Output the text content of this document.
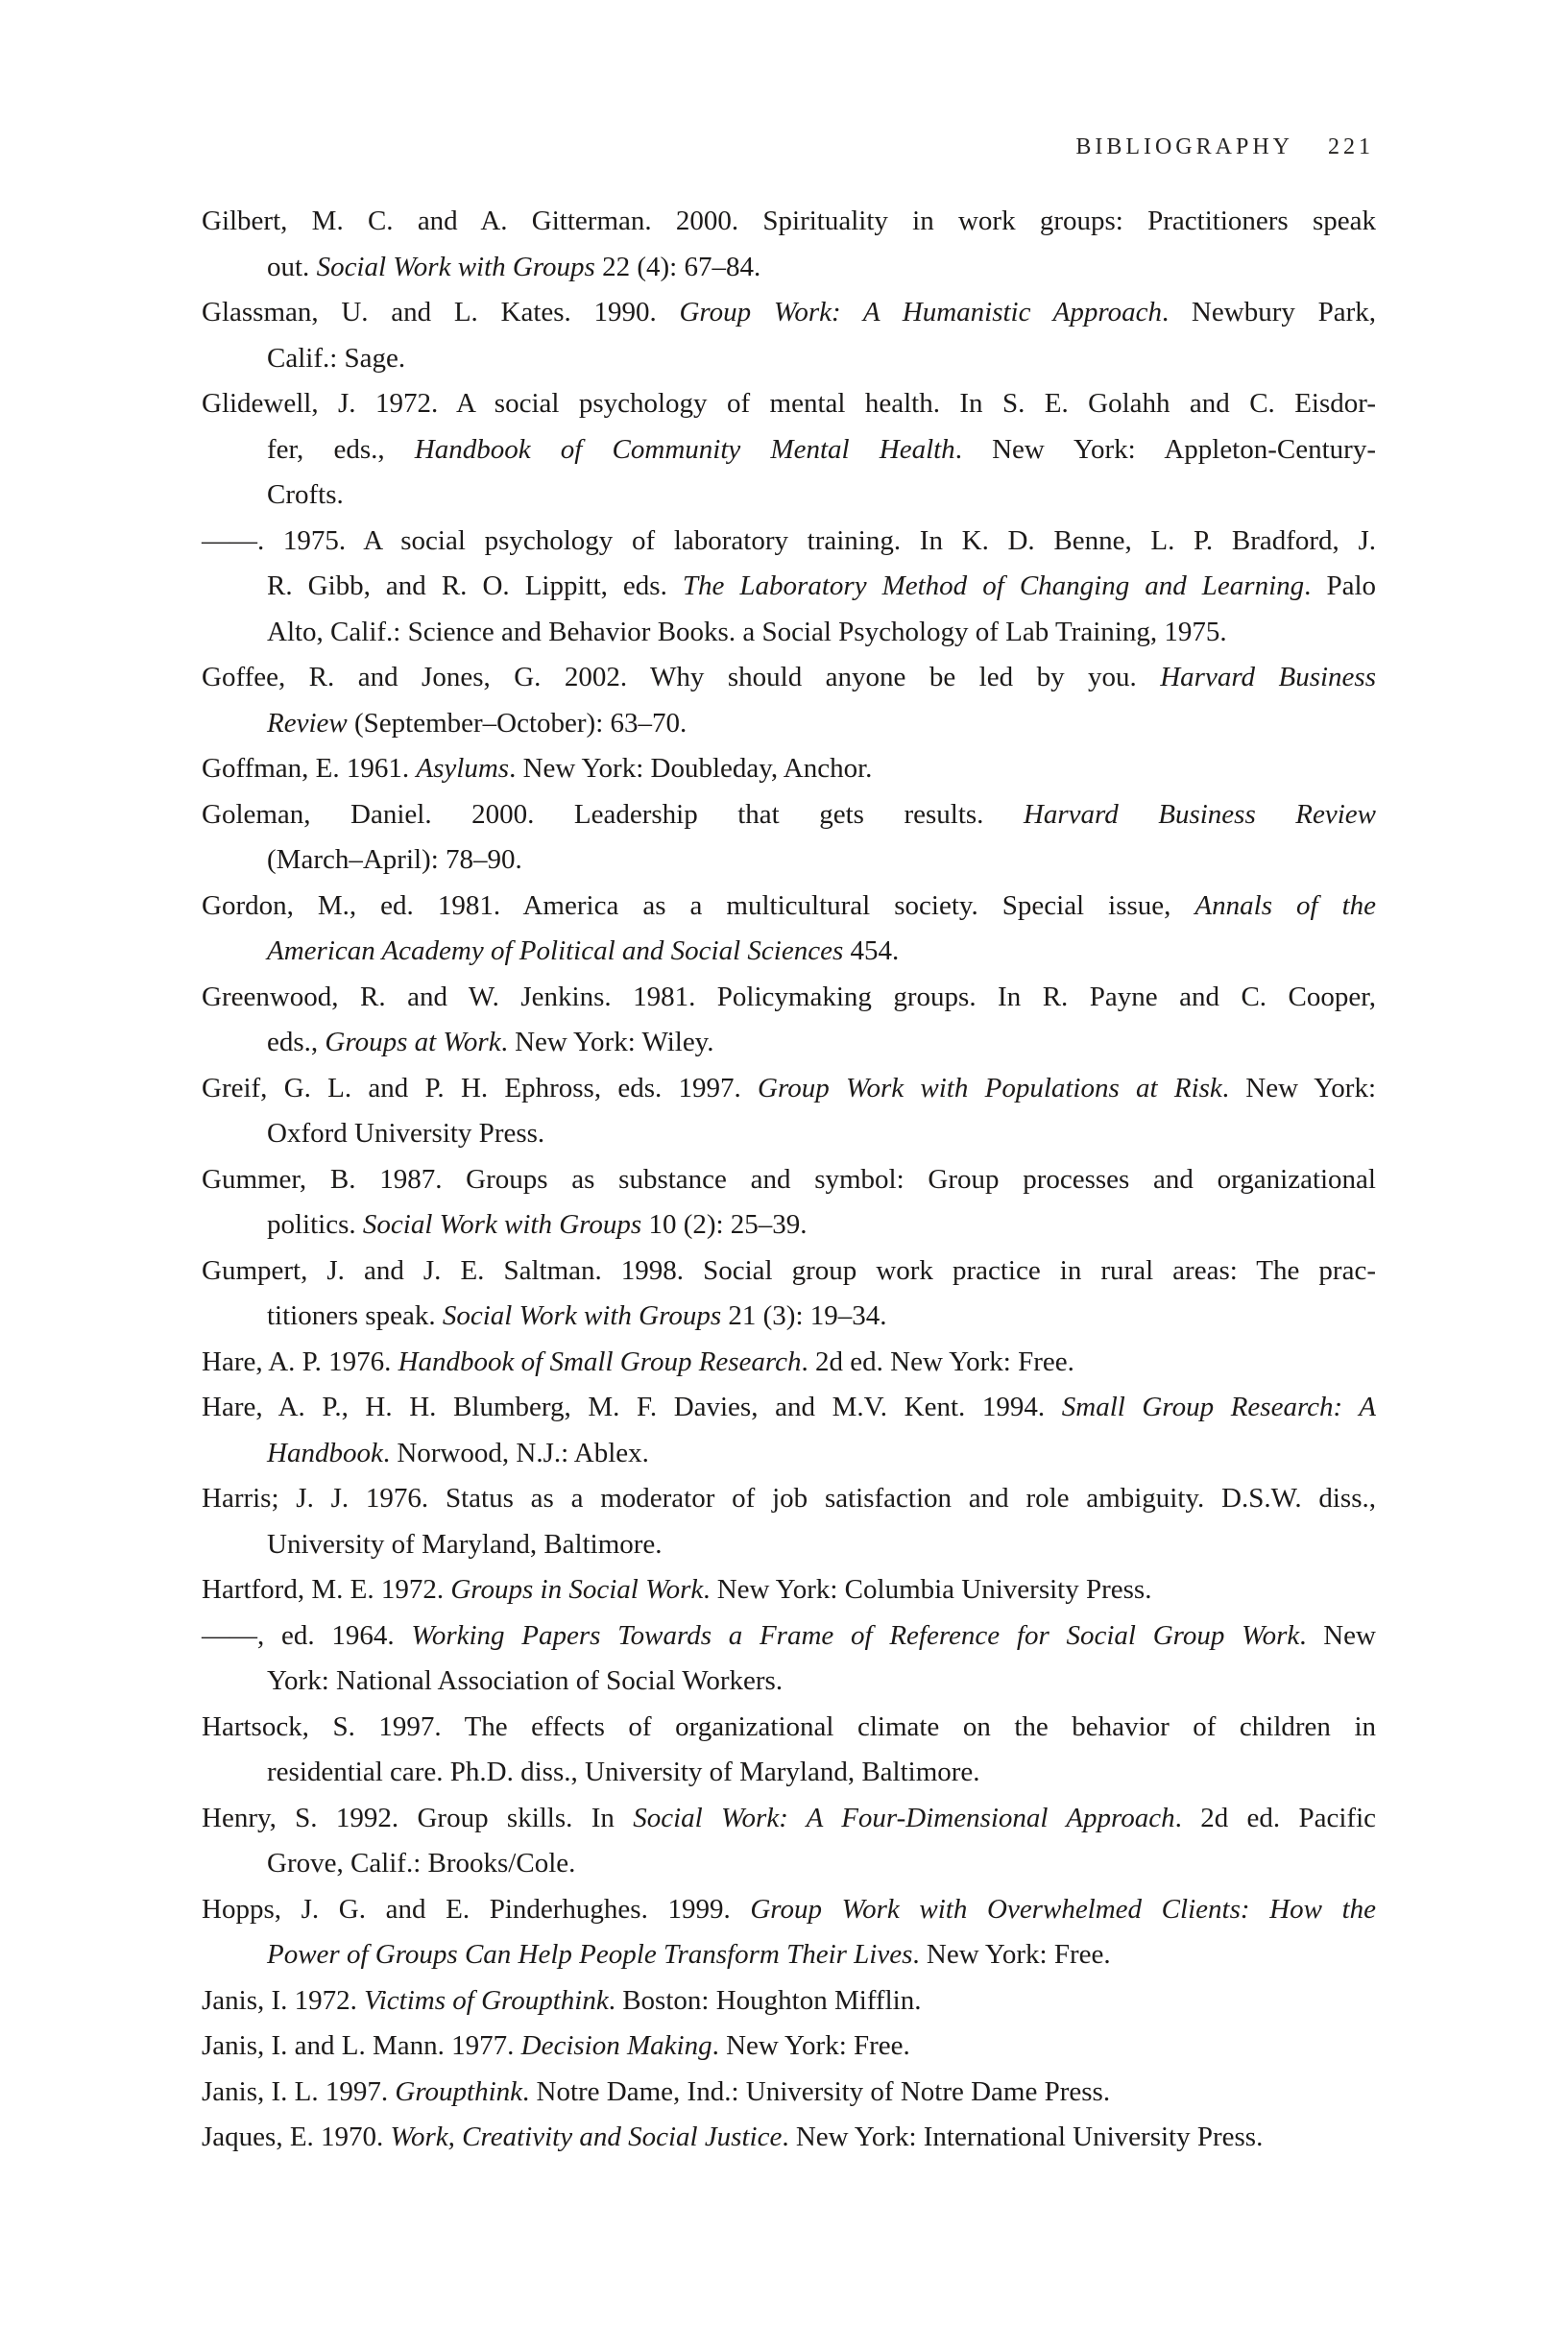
BIBLIOGRAPHY 221

Gilbert, M. C. and A. Gitterman. 2000. Spirituality in work groups: Practitioners speak
out. Social Work with Groups 22 (4): 67–84.

Glassman, U. and L. Kates. 1990. Group Work: A Humanistic Approach. Newbury Park,
Calif.: Sage.

Glidewell, J. 1972. A social psychology of mental health. In S. E. Golahh and C. Eisdor-
fer, eds., Handbook of Community Mental Health. New York: Appleton-Century-
Crofts.

——. 1975. A social psychology of laboratory training. In K. D. Benne, L. P. Bradford, J.
R. Gibb, and R. O. Lippitt, eds. The Laboratory Method of Changing and Learning. Palo
Alto, Calif.: Science and Behavior Books. a Social Psychology of Lab Training, 1975.

Goffee, R. and Jones, G. 2002. Why should anyone be led by you. Harvard Business
Review (September–October): 63–70.

Goffman, E. 1961. Asylums. New York: Doubleday, Anchor.

Goleman, Daniel. 2000. Leadership that gets results. Harvard Business Review
(March–April): 78–90.

Gordon, M., ed. 1981. America as a multicultural society. Special issue, Annals of the
American Academy of Political and Social Sciences 454.

Greenwood, R. and W. Jenkins. 1981. Policymaking groups. In R. Payne and C. Cooper,
eds., Groups at Work. New York: Wiley.

Greif, G. L. and P. H. Ephross, eds. 1997. Group Work with Populations at Risk. New York:
Oxford University Press.

Gummer, B. 1987. Groups as substance and symbol: Group processes and organizational
politics. Social Work with Groups 10 (2): 25–39.

Gumpert, J. and J. E. Saltman. 1998. Social group work practice in rural areas: The prac-
titioners speak. Social Work with Groups 21 (3): 19–34.

Hare, A. P. 1976. Handbook of Small Group Research. 2d ed. New York: Free.

Hare, A. P., H. H. Blumberg, M. F. Davies, and M.V. Kent. 1994. Small Group Research: A
Handbook. Norwood, N.J.: Ablex.

Harris; J. J. 1976. Status as a moderator of job satisfaction and role ambiguity. D.S.W. diss.,
University of Maryland, Baltimore.

Hartford, M. E. 1972. Groups in Social Work. New York: Columbia University Press.

——, ed. 1964. Working Papers Towards a Frame of Reference for Social Group Work. New
York: National Association of Social Workers.

Hartsock, S. 1997. The effects of organizational climate on the behavior of children in
residential care. Ph.D. diss., University of Maryland, Baltimore.

Henry, S. 1992. Group skills. In Social Work: A Four-Dimensional Approach. 2d ed. Pacific
Grove, Calif.: Brooks/Cole.

Hopps, J. G. and E. Pinderhughes. 1999. Group Work with Overwhelmed Clients: How the
Power of Groups Can Help People Transform Their Lives. New York: Free.

Janis, I. 1972. Victims of Groupthink. Boston: Houghton Mifflin.

Janis, I. and L. Mann. 1977. Decision Making. New York: Free.

Janis, I. L. 1997. Groupthink. Notre Dame, Ind.: University of Notre Dame Press.

Jaques, E. 1970. Work, Creativity and Social Justice. New York: International University Press.
